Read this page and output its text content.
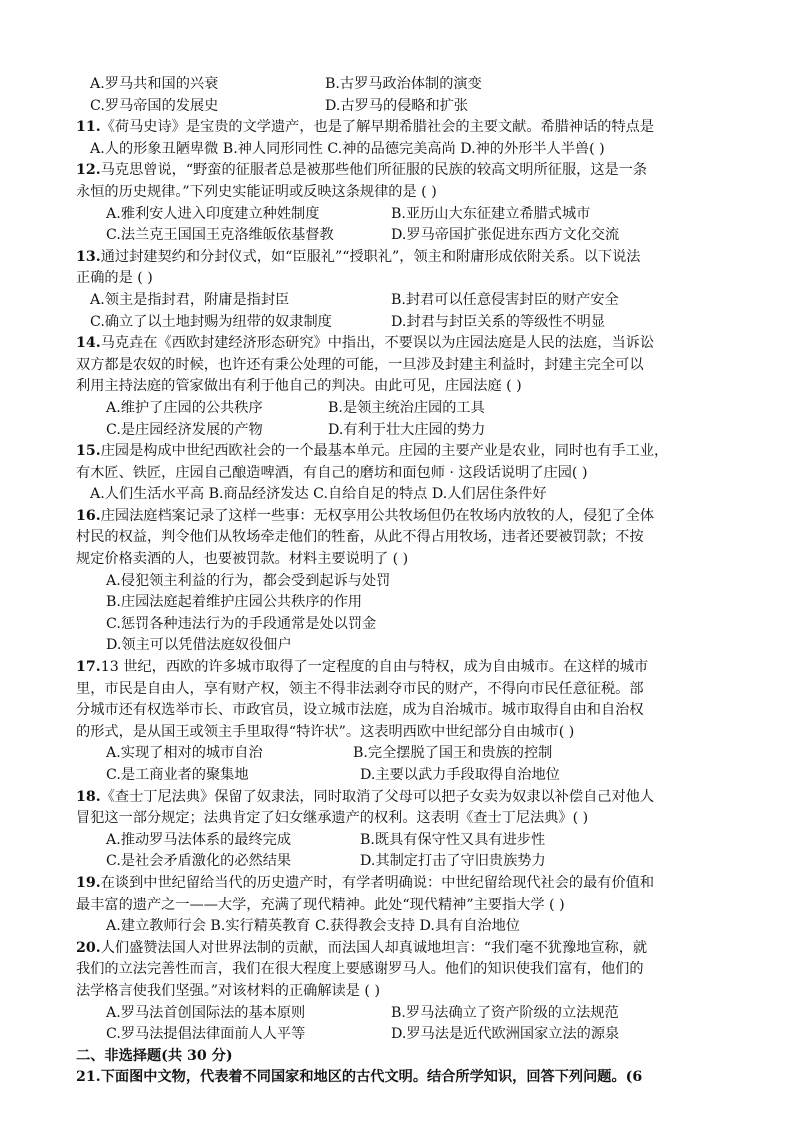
A.罗马共和国的兴衰	B.古罗马政治体制的演变
C.罗马帝国的发展史	D.古罗马的侵略和扩张
11.《荷马史诗》是宝贵的文学遗产，也是了解早期希腊社会的主要文献。希腊神话的特点是
A.人的形象丑陋卑微 B.神人同形同性 C.神的品德完美高尚 D.神的外形半人半兽( )
12.马克思曾说，“野蛮的征服者总是被那些他们所征服的民族的较高文明所征服，这是一条
永恒的历史规律。”下列史实能证明或反映这条规律的是 ( )
A.雅利安人进入印度建立种姓制度	B.亚历山大东征建立希腊式城市
C.法兰克王国国王克洛维皈依基督教	D.罗马帝国扩张促进东西方文化交流
13.通过封建契约和分封仪式，如“臣服礼”“授职礼”，领主和附庸形成依附关系。以下说法
正确的是 ( )
A.领主是指封君，附庸是指封臣	B.封君可以任意侵害封臣的财产安全
C.确立了以土地封赐为纽带的奴隶制度	D.封君与封臣关系的等级性不明显
14.马克垚在《西欧封建经济形态研究》中指出，不要误以为庄园法庭是人民的法庭，当诉讼
双方都是农奴的时候，也许还有秉公处理的可能，一旦涉及封建主利益时，封建主完全可以
利用主持法庭的管家做出有利于他自己的判决。由此可见，庄园法庭 ( )
A.维护了庄园的公共秩序	B.是领主统治庄园的工具
C.是庄园经济发展的产物	D.有利于壮大庄园的势力
15.庄园是构成中世纪西欧社会的一个最基本单元。庄园的主要产业是农业，同时也有手工业，
有木匠、铁匠，庄园自己酿造啤酒，有自己的磨坊和面包师 · 这段话说明了庄园( )
A.人们生活水平高 B.商品经济发达 C.自给自足的特点 D.人们居住条件好
16.庄园法庭档案记录了这样一些事：无权享用公共牧场但仍在牧场内放牧的人，侵犯了全体
村民的权益，判令他们从牧场牵走他们的牲畜，从此不得占用牧场，违者还要被罚款；不按
规定价格卖酒的人，也要被罚款。材料主要说明了 ( )
A.侵犯领主利益的行为，都会受到起诉与处罚
B.庄园法庭起着维护庄园公共秩序的作用
C.惩罚各种违法行为的手段通常是处以罚金
D.领主可以凭借法庭奴役佃户
17.13 世纪，西欧的许多城市取得了一定程度的自由与特权，成为自由城市。在这样的城市
里，市民是自由人，享有财产权，领主不得非法剥夺市民的财产，不得向市民任意征税。部
分城市还有权选举市长、市政官员，设立城市法庭，成为自治城市。城市取得自由和自治权
的形式，是从国王或领主手里取得“特许状”。这表明西欧中世纪部分自由城市( )
A.实现了相对的城市自治	B.完全摆脱了国王和贵族的控制
C.是工商业者的聚集地	D.主要以武力手段取得自治地位
18.《查士丁尼法典》保留了奴隶法，同时取消了父母可以把子女卖为奴隶以补偿自己对他人
冒犯这一部分规定；法典肯定了妇女继承遗产的权利。这表明《查士丁尼法典》( )
A.推动罗马法体系的最终完成	B.既具有保守性又具有进步性
C.是社会矛盾激化的必然结果	D.其制定打击了守旧贵族势力
19.在谈到中世纪留给当代的历史遗产时，有学者明确说：中世纪留给现代社会的最有价值和
最丰富的遗产之一——大学，充满了现代精神。此处“现代精神”主要指大学 ( )
A.建立教师行会 B.实行精英教育 C.获得教会支持 D.具有自治地位
20.人们盛赞法国人对世界法制的贡献，而法国人却真诚地坦言：“我们毫不犹豫地宣称，就
我们的立法完善性而言，我们在很大程度上要感谢罗马人。他们的知识使我们富有，他们的
法学格言使我们坚强。”对该材料的正确解读是 ( )
A.罗马法首创国际法的基本原则	B.罗马法确立了资产阶级的立法规范
C.罗马法提倡法律面前人人平等	D.罗马法是近代欧洲国家立法的源泉
二、非选择题(共 30 分)
21.下面图中文物，代表着不同国家和地区的古代文明。结合所学知识，回答下列问题。(6
